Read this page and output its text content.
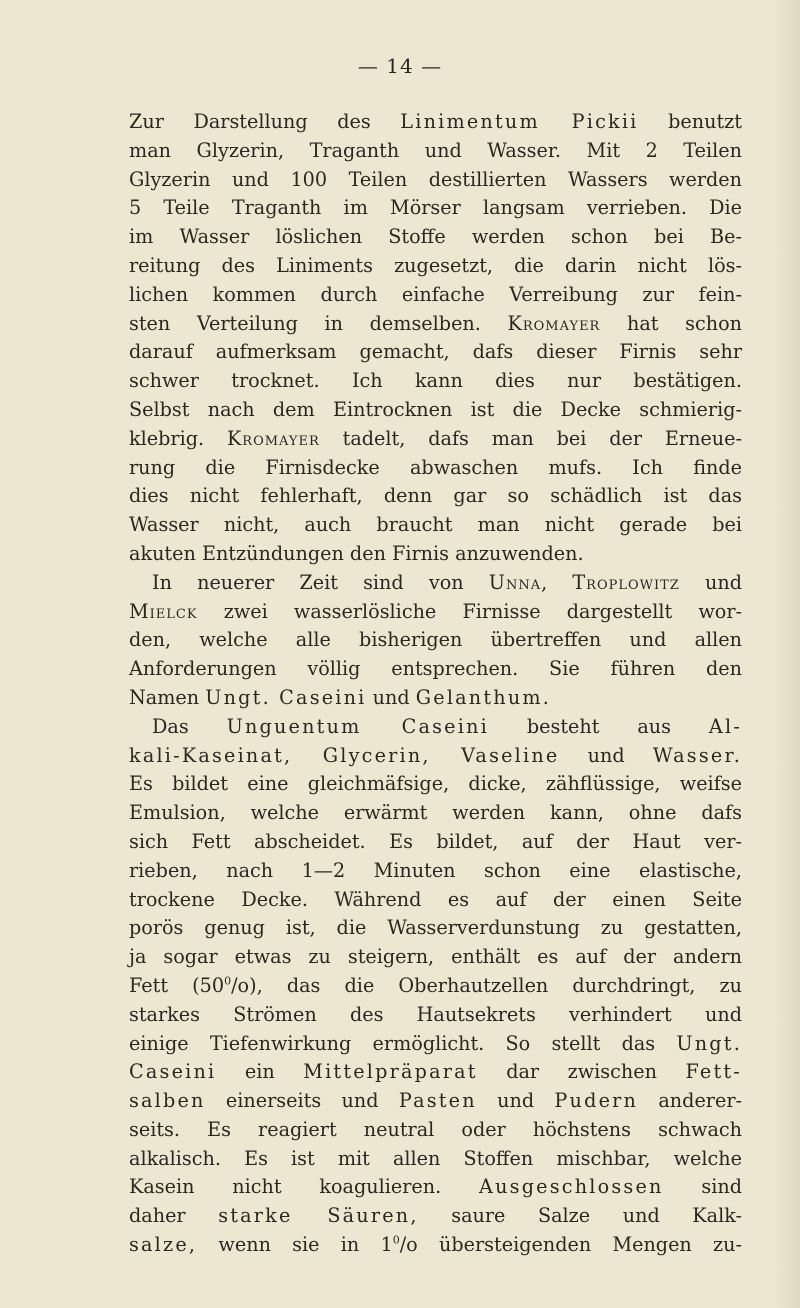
— 14 —
Zur Darstellung des Linimentum Pickii benutzt
man Glyzerin, Traganth und Wasser. Mit 2 Teilen
Glyzerin und 100 Teilen destillierten Wassers werden
5 Teile Traganth im Mörser langsam verrieben. Die
im Wasser löslichen Stoffe werden schon bei Be-
reitung des Liniments zugesetzt, die darin nicht lös-
lichen kommen durch einfache Verreibung zur fein-
sten Verteilung in demselben. Kromayer hat schon
darauf aufmerksam gemacht, dafs dieser Firnis sehr
schwer trocknet. Ich kann dies nur bestätigen.
Selbst nach dem Eintrocknen ist die Decke schmierig-
klebrig. Kromayer tadelt, dafs man bei der Erneue-
rung die Firnisdecke abwaschen mufs. Ich finde
dies nicht fehlerhaft, denn gar so schädlich ist das
Wasser nicht, auch braucht man nicht gerade bei
akuten Entzündungen den Firnis anzuwenden.
In neuerer Zeit sind von Unna, Troplowitz und
Mielck zwei wasserlösliche Firnisse dargestellt wor-
den, welche alle bisherigen übertreffen und allen
Anforderungen völlig entsprechen. Sie führen den
Namen Ungt. Caseini und Gelanthum.
Das Unguentum Caseini besteht aus Al-
kali-Kaseinat, Glycerin, Vaseline und Wasser.
Es bildet eine gleichmäfsige, dicke, zähflüssige, weifse
Emulsion, welche erwärmt werden kann, ohne dafs
sich Fett abscheidet. Es bildet, auf der Haut ver-
rieben, nach 1—2 Minuten schon eine elastische,
trockene Decke. Während es auf der einen Seite
porös genug ist, die Wasserverdunstung zu gestatten,
ja sogar etwas zu steigern, enthält es auf der andern
Fett $(50^0/o)$, das die Oberhautzellen durchdringt, zu
starkes Strömen des Hautsekrets verhindert und
einige Tiefenwirkung ermöglicht. So stellt das Ungt.
Caseini ein Mittelpräparat dar zwischen Fett-
salben einerseits und Pasten und Pudern anderer-
seits. Es reagiert neutral oder höchstens schwach
alkalisch. Es ist mit allen Stoffen mischbar, welche
Kasein nicht koagulieren. Ausgeschlossen sind
daher starke Säuren, saure Salze und Kalk-
salze, wenn sie in $1^0/o$ übersteigenden Mengen zu-
